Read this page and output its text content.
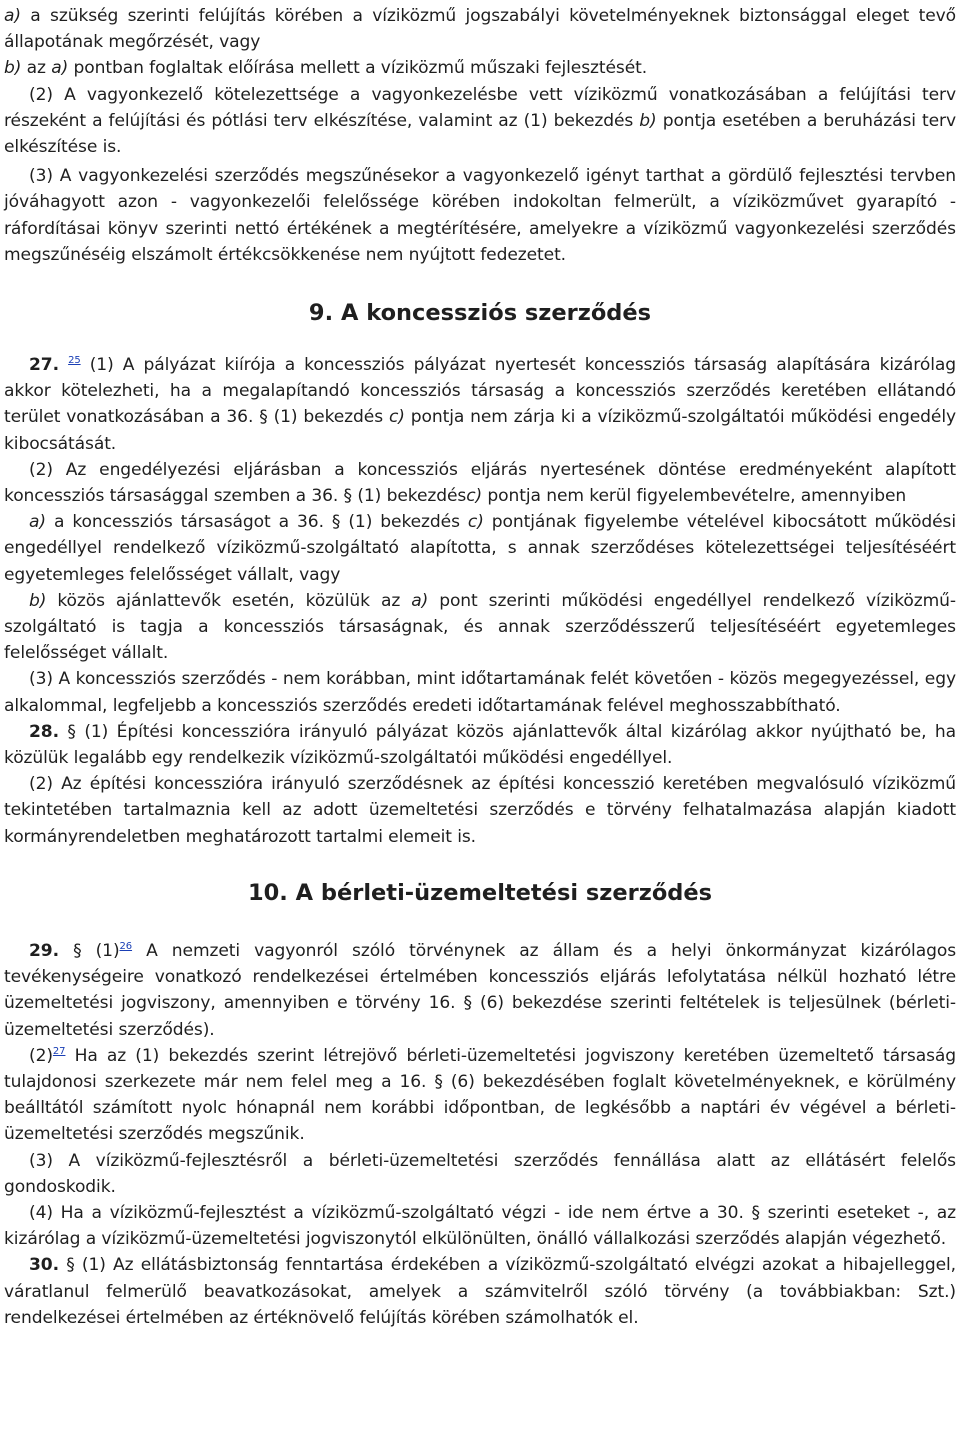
a) a szükség szerinti felújítás körében a víziközmű jogszabályi követelményeknek biztonsággal eleget tevő állapotának megőrzését, vagy

b) az a) pontban foglaltak előírása mellett a víziközmű műszaki fejlesztését.

(2) A vagyonkezelő kötelezettsége a vagyonkezelésbe vett víziközmű vonatkozásában a felújítási terv részeként a felújítási és pótlási terv elkészítése, valamint az (1) bekezdés b) pontja esetében a beruházási terv elkészítése is.

(3) A vagyonkezelési szerződés megszűnésekor a vagyonkezelő igényt tarthat a gördülő fejlesztési tervben jóváhagyott azon - vagyonkezelői felelőssége körében indokoltan felmerült, a víziközművet gyarapító - ráfordításai könyv szerinti nettó értékének a megtérítésére, amelyekre a víziközmű vagyonkezelési szerződés megszűnéséig elszámolt értékcsökkenése nem nyújtott fedezetet.

9. A koncessziós szerződés

27. $^{25}$ (1) A pályázat kiírója a koncessziós pályázat nyertesét koncessziós társaság alapítására kizárólag akkor kötelezheti, ha a megalapítandó koncessziós társaság a koncessziós szerződés keretében ellátandó terület vonatkozásában a 36. § (1) bekezdés c) pontja nem zárja ki a víziközmű-szolgáltatói működési engedély kibocsátását.

(2) Az engedélyezési eljárásban a koncessziós eljárás nyertesének döntése eredményeként alapított koncessziós társasággal szemben a 36. § (1) bekezdésc) pontja nem kerül figyelembevételre, amennyiben

a) a koncessziós társaságot a 36. § (1) bekezdés c) pontjának figyelembe vételével kibocsátott működési engedéllyel rendelkező víziközmű-szolgáltató alapította, s annak szerződéses kötelezettségei teljesítéséért egyetemleges felelősséget vállalt, vagy

b) közös ajánlattevők esetén, közülük az a) pont szerinti működési engedéllyel rendelkező víziközmű-szolgáltató is tagja a koncessziós társaságnak, és annak szerződésszerű teljesítéséért egyetemleges felelősséget vállalt.

(3) A koncessziós szerződés - nem korábban, mint időtartamának felét követően - közös megegyezéssel, egy alkalommal, legfeljebb a koncessziós szerződés eredeti időtartamának felével meghosszabbítható.

28. § (1) Építési koncesszióra irányuló pályázat közös ajánlattevők által kizárólag akkor nyújtható be, ha közülük legalább egy rendelkezik víziközmű-szolgáltatói működési engedéllyel.

(2) Az építési koncesszióra irányuló szerződésnek az építési koncesszió keretében megvalósuló víziközmű tekintetében tartalmaznia kell az adott üzemeltetési szerződés e törvény felhatalmazása alapján kiadott kormányrendeletben meghatározott tartalmi elemeit is.

10. A bérleti-üzemeltetési szerződés

29. § $(1)^{26}$ A nemzeti vagyonról szóló törvénynek az állam és a helyi önkormányzat kizárólagos tevékenységeire vonatkozó rendelkezései értelmében koncessziós eljárás lefolytatása nélkül hozható létre üzemeltetési jogviszony, amennyiben e törvény 16. § (6) bekezdése szerinti feltételek is teljesülnek (bérleti-üzemeltetési szerződés).

$(2)^{27}$ Ha az (1) bekezdés szerint létrejövő bérleti-üzemeltetési jogviszony keretében üzemeltető társaság tulajdonosi szerkezete már nem felel meg a 16. § (6) bekezdésében foglalt követelményeknek, e körülmény beálltától számított nyolc hónapnál nem korábbi időpontban, de legkésőbb a naptári év végével a bérleti-üzemeltetési szerződés megszűnik.

(3) A víziközmű-fejlesztésről a bérleti-üzemeltetési szerződés fennállása alatt az ellátásért felelős gondoskodik.

(4) Ha a víziközmű-fejlesztést a víziközmű-szolgáltató végzi - ide nem értve a 30. § szerinti eseteket -, az kizárólag a víziközmű-üzemeltetési jogviszonytól elkülönülten, önálló vállalkozási szerződés alapján végezhető.

30. § (1) Az ellátásbiztonság fenntartása érdekében a víziközmű-szolgáltató elvégzi azokat a hibajelleggel, váratlanul felmerülő beavatkozásokat, amelyek a számvitelről szóló törvény (a továbbiakban: Szt.) rendelkezései értelmében az értéknövelő felújítás körében számolhatók el.
